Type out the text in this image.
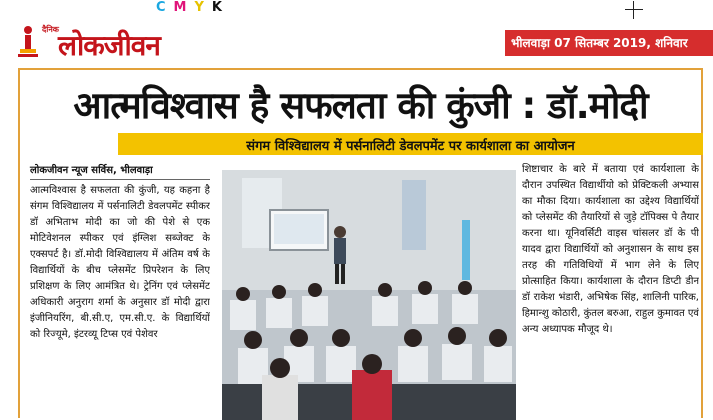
CMYK
दैनिक लोकजीवन	भीलवाड़ा 07 सितम्बर 2019, शनिवार
आत्मविश्वास है सफलता की कुंजी : डॉ.मोदी
संगम विश्विद्यालय में पर्सनालिटी डेवलपमेंट पर कार्यशाला का आयोजन
लोकजीवन न्यूज सर्विस, भीलवाड़ा
आत्मविश्वास है सफलता की कुंजी, यह कहना है संगम विश्विद्यालय में पर्सनालिटी डेवलपमेंट स्पीकर डॉ अभिताभ मोदी का जो की पेशे से एक मोटिवेशनल स्पीकर एवं इंग्लिश सब्जेक्ट के एक्सपर्ट है। डॉ.मोदी विश्विद्यालय में अंतिम वर्ष के विद्यार्थियों के बीच प्लेसमेंट प्रिपरेशन के लिए प्रशिक्षण के लिए आमंत्रित थे। ट्रेनिंग एवं प्लेसमेंट अधिकारी अनुराग शर्मा के अनुसार डॉ मोदी द्वारा इंजीनियरिंग, बी.सी.ए, एम.सी.ए. के विद्यार्थियों को रिज्यूमे, इंटरव्यू टिप्स एवं पेशेवर
शिष्टाचार के बारे में बताया एवं कार्यशाला के दौरान उपस्थित विद्यार्थीयो को प्रेक्टिकली अभ्यास का मौका दिया। कार्यशाला का उद्देश्य विद्यार्थियों को प्लेसमेंट की तैयारियों से जुड़े टॉपिक्स पे तैयार करना था। यूनिवर्सिटी वाइस चांसलर डॉ के पी यादव द्वारा विद्यार्थियों को अनुशासन के साथ इस तरह की गतिविधियों में भाग लेने के लिए प्रोत्साहित किया। कार्यशाला के दौरान डिप्टी डीन डॉ राकेश भंडारी, अभिषेक सिंह, शालिनी पारिक, हिमान्शु कोठारी, कुंतल बरुआ, राहुल कुमावत एवं अन्य अध्यापक मौजूद थे।
